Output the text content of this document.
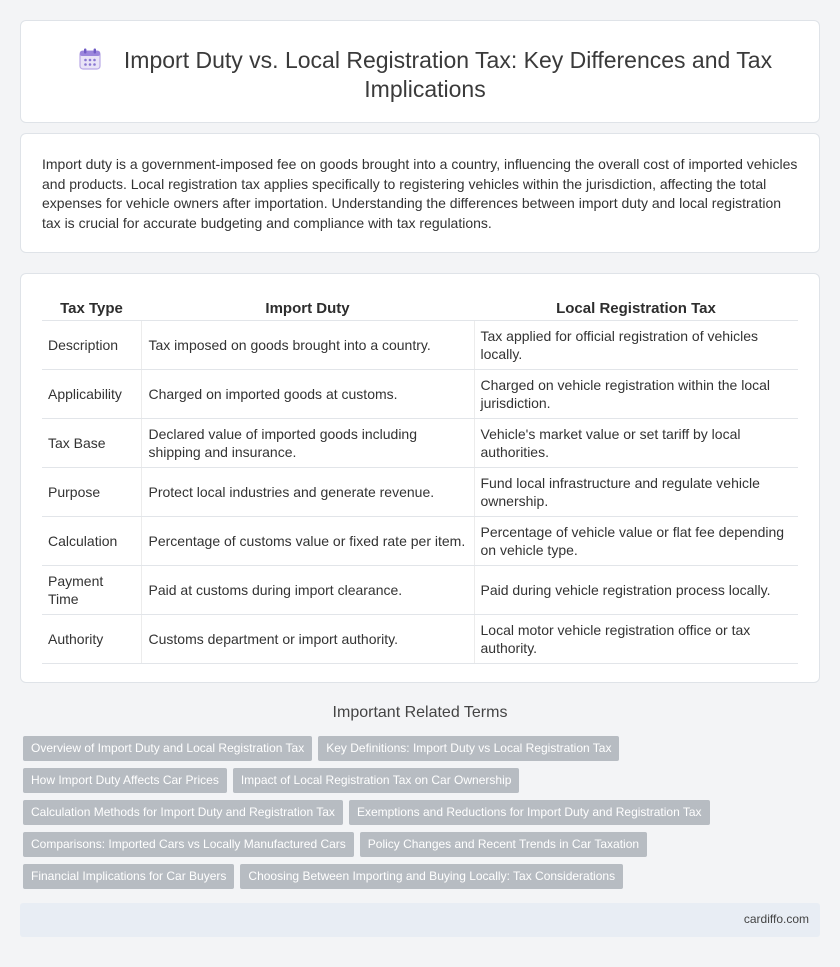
Import Duty vs. Local Registration Tax: Key Differences and Tax Implications

Import duty is a government-imposed fee on goods brought into a country, influencing the overall cost of imported vehicles and products. Local registration tax applies specifically to registering vehicles within the jurisdiction, affecting the total expenses for vehicle owners after importation. Understanding the differences between import duty and local registration tax is crucial for accurate budgeting and compliance with tax regulations.

Tax Type	Import Duty	Local Registration Tax
Description	Tax imposed on goods brought into a country.	Tax applied for official registration of vehicles locally.
Applicability	Charged on imported goods at customs.	Charged on vehicle registration within the local jurisdiction.
Tax Base	Declared value of imported goods including shipping and insurance.	Vehicle's market value or set tariff by local authorities.
Purpose	Protect local industries and generate revenue.	Fund local infrastructure and regulate vehicle ownership.
Calculation	Percentage of customs value or fixed rate per item.	Percentage of vehicle value or flat fee depending on vehicle type.
Payment Time	Paid at customs during import clearance.	Paid during vehicle registration process locally.
Authority	Customs department or import authority.	Local motor vehicle registration office or tax authority.
Important Related Terms
Overview of Import Duty and Local Registration Tax Key Definitions: Import Duty vs Local Registration Tax
How Import Duty Affects Car Prices Impact of Local Registration Tax on Car Ownership
Calculation Methods for Import Duty and Registration Tax Exemptions and Reductions for Import Duty and Registration Tax
Comparisons: Imported Cars vs Locally Manufactured Cars Policy Changes and Recent Trends in Car Taxation
Financial Implications for Car Buyers Choosing Between Importing and Buying Locally: Tax Considerations
cardiffo.com
